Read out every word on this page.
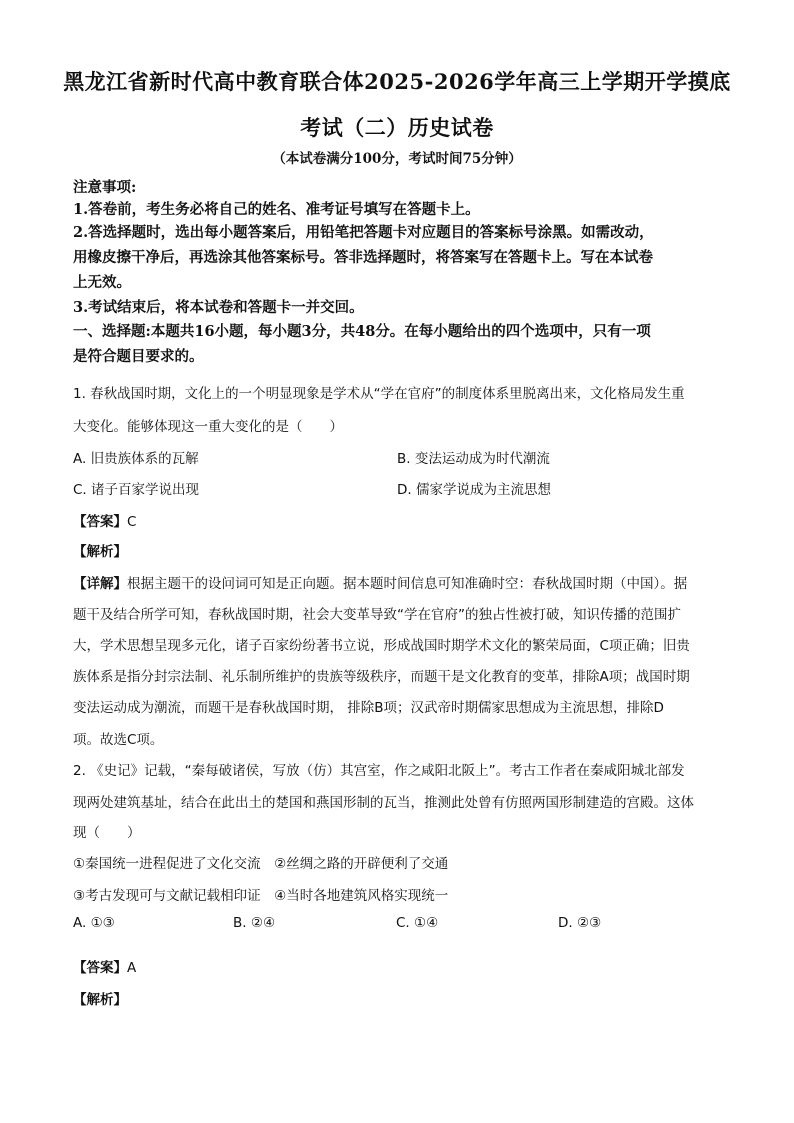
黑龙江省新时代高中教育联合体2025-2026学年高三上学期开学摸底
考试（二）历史试卷
（本试卷满分100分，考试时间75分钟）
注意事项:
1.答卷前，考生务必将自己的姓名、准考证号填写在答题卡上。
2.答选择题时，选出每小题答案后，用铅笔把答题卡对应题目的答案标号涂黑。如需改动，
用橡皮擦干净后，再选涂其他答案标号。答非选择题时，将答案写在答题卡上。写在本试卷
上无效。
3.考试结束后，将本试卷和答题卡一并交回。
一、选择题:本题共16小题，每小题3分，共48分。在每小题给出的四个选项中，只有一项
是符合题目要求的。
1. 春秋战国时期，文化上的一个明显现象是学术从“学在官府”的制度体系里脱离出来，文化格局发生重
大变化。能够体现这一重大变化的是（　　）
A. 旧贵族体系的瓦解	B. 变法运动成为时代潮流
C. 诸子百家学说出现	D. 儒家学说成为主流思想
【答案】C
【解析】
【详解】根据主题干的设问词可知是正向题。据本题时间信息可知准确时空：春秋战国时期（中国）。据
题干及结合所学可知，春秋战国时期，社会大变革导致“学在官府”的独占性被打破，知识传播的范围扩
大，学术思想呈现多元化，诸子百家纷纷著书立说，形成战国时期学术文化的繁荣局面，C项正确；旧贵
族体系是指分封宗法制、礼乐制所维护的贵族等级秩序，而题干是文化教育的变革，排除A项；战国时期
变法运动成为潮流，而题干是春秋战国时期， 排除B项；汉武帝时期儒家思想成为主流思想，排除D
项。故选C项。
2. 《史记》记载，“秦每破诸侯，写放（仿）其宫室，作之咸阳北阪上”。考古工作者在秦咸阳城北部发
现两处建筑基址，结合在此出土的楚国和燕国形制的瓦当，推测此处曾有仿照两国形制建造的宫殿。这体
现（　　）
①秦国统一进程促进了文化交流　②丝绸之路的开辟便利了交通
③考古发现可与文献记载相印证　④当时各地建筑风格实现统一
A. ①③	B. ②④	C. ①④	D. ②③
【答案】A
【解析】
